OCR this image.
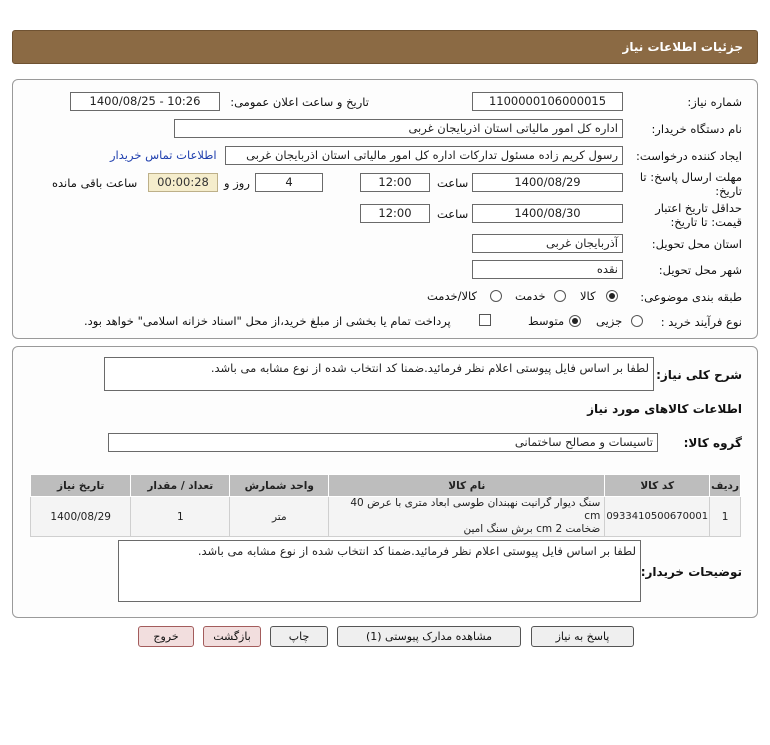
جزئیات اطلاعات نیاز
شماره نیاز:
1100000106000015
تاریخ و ساعت اعلان عمومی:
1400/08/25 - 10:26
نام دستگاه خریدار:
اداره کل امور مالیاتی استان اذربایجان غربی
ایجاد کننده درخواست:
رسول کریم زاده مسئول تدارکات اداره کل امور مالیاتی استان اذربایجان غربی
اطلاعات تماس خریدار
مهلت ارسال پاسخ: تا
تاریخ:
1400/08/29
ساعت
12:00
4
روز و
00:00:28
ساعت باقی مانده
حداقل تاریخ اعتبار
قیمت: تا تاریخ:
1400/08/30
ساعت
12:00
استان محل تحویل:
آذربایجان غربی
شهر محل تحویل:
نقده
طبقه بندی موضوعی:
کالا
خدمت
کالا/خدمت
نوع فرآیند خرید :
جزیی
متوسط
پرداخت تمام یا بخشی از مبلغ خرید،از محل "اسناد خزانه اسلامی" خواهد بود.
شرح کلی نیاز:
لطفا بر اساس فایل پیوستی اعلام نظر فرمائید.ضمنا کد انتخاب شده از نوع مشابه می باشد.
اطلاعات کالاهای مورد نیاز
گروه کالا:
تاسیسات و مصالح ساختمانی
ردیف	کد کالا	نام کالا	واحد شمارش	تعداد / مقدار	تاریخ نیاز
1	0933410500670001	سنگ دیوار گرانیت نهبندان طوسی ابعاد متری با عرض 40 cm
ضخامت 2 cm برش سنگ امین	متر	1	1400/08/29
توضیحات خریدار:
لطفا بر اساس فایل پیوستی اعلام نظر فرمائید.ضمنا کد انتخاب شده از نوع مشابه می باشد.
پاسخ به نیاز
مشاهده مدارک پیوستی (1)
چاپ
بازگشت
خروج
